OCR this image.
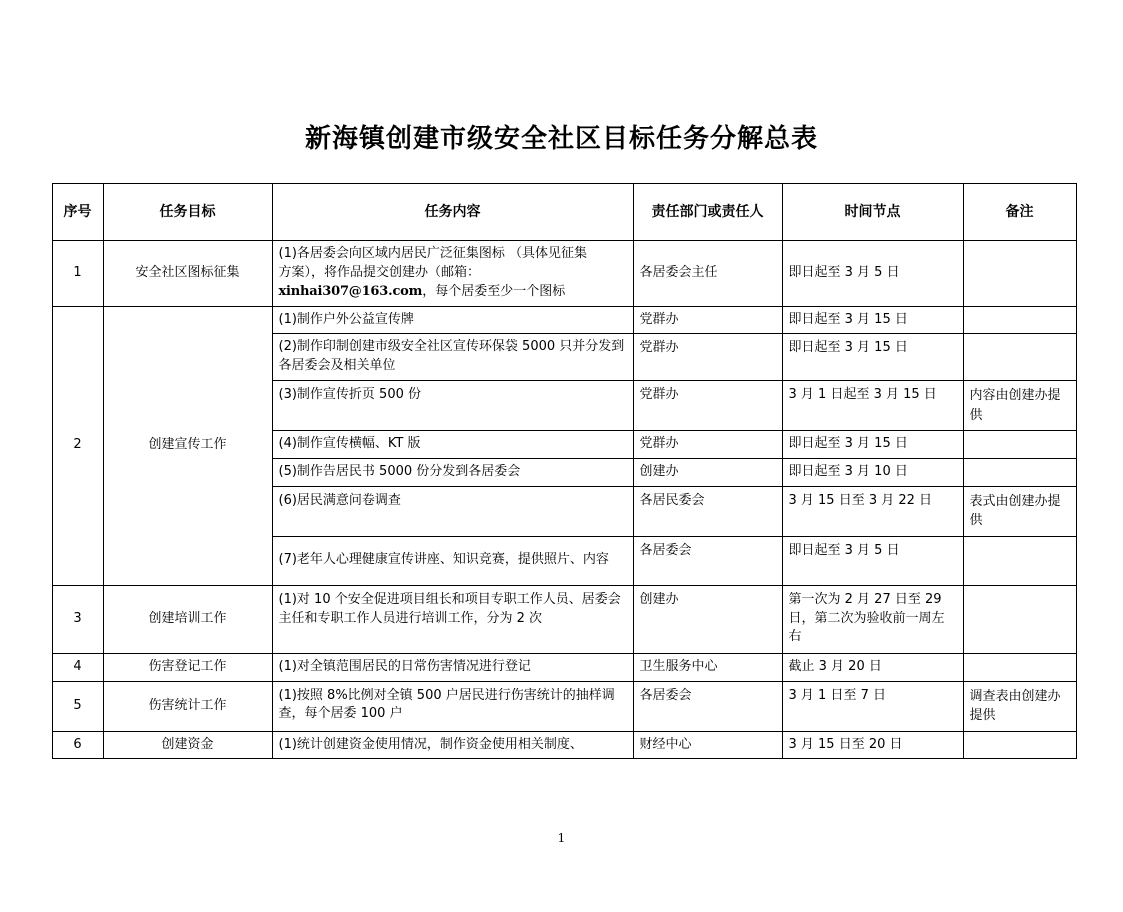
新海镇创建市级安全社区目标任务分解总表
序号	任务目标	任务内容	责任部门或责任人	时间节点	备注
1	安全社区图标征集	(1)各居委会向区域内居民广泛征集图标 （具体见征集
方案），将作品提交创建办（邮箱：
xinhai307@163.com，每个居委至少一个图标	各居委会主任	即日起至 3 月 5 日	
2	创建宣传工作	(1)制作户外公益宣传牌	党群办	即日起至 3 月 15 日	
		(2)制作印制创建市级安全社区宣传环保袋 5000 只并分发到各居委会及相关单位	党群办	即日起至 3 月 15 日	
		(3)制作宣传折页 500 份	党群办	3 月 1 日起至 3 月 15 日	内容由创建办提供
		(4)制作宣传横幅、KT 版	党群办	即日起至 3 月 15 日	
		(5)制作告居民书 5000 份分发到各居委会	创建办	即日起至 3 月 10 日	
		(6)居民满意问卷调查	各居民委会	3 月 15 日至 3 月 22 日	表式由创建办提供
		(7)老年人心理健康宣传讲座、知识竞赛，提供照片、内容	各居委会	即日起至 3 月 5 日	
3	创建培训工作	(1)对 10 个安全促进项目组长和项目专职工作人员、居委会主任和专职工作人员进行培训工作，分为 2 次	创建办	第一次为 2 月 27 日至 29 日，第二次为验收前一周左右	
4	伤害登记工作	(1)对全镇范围居民的日常伤害情况进行登记	卫生服务中心	截止 3 月 20 日	
5	伤害统计工作	(1)按照 8%比例对全镇 500 户居民进行伤害统计的抽样调查，每个居委 100 户	各居委会	3 月 1 日至 7 日	调查表由创建办提供
6	创建资金	(1)统计创建资金使用情况，制作资金使用相关制度、	财经中心	3 月 15 日至 20 日	
1
